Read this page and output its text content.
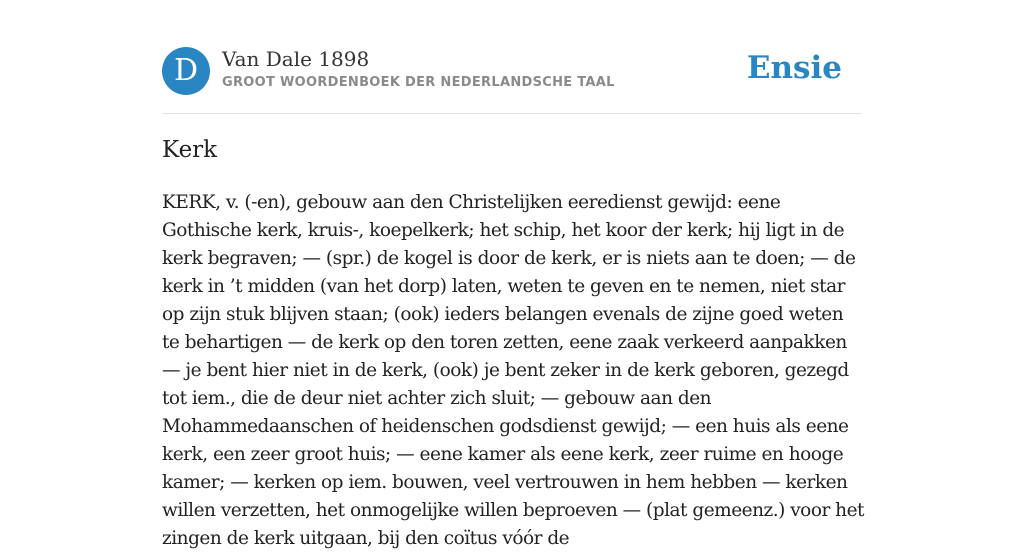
D	Van Dale 1898
GROOT WOORDENBOEK DER NEDERLANDSCHE TAAL	Ensie
Kerk

KERK, v. (-en), gebouw aan den Christelijken eeredienst gewijd: eene Gothische kerk, kruis-, koepelkerk; het schip, het koor der kerk; hij ligt in de kerk begraven; — (spr.) de kogel is door de kerk, er is niets aan te doen; — de kerk in ’t midden (van het dorp) laten, weten te geven en te nemen, niet star op zijn stuk blijven staan; (ook) ieders belangen evenals de zijne goed weten te behartigen — de kerk op den toren zetten, eene zaak verkeerd aanpakken — je bent hier niet in de kerk, (ook) je bent zeker in de kerk geboren, gezegd tot iem., die de deur niet achter zich sluit; — gebouw aan den Mohammedaanschen of heidenschen godsdienst gewijd; — een huis als eene kerk, een zeer groot huis; — eene kamer als eene kerk, zeer ruime en hooge kamer; — kerken op iem. bouwen, veel vertrouwen in hem hebben — kerken willen verzetten, het onmogelijke willen beproeven — (plat gemeenz.) voor het zingen de kerk uitgaan, bij den coïtus vóór de
